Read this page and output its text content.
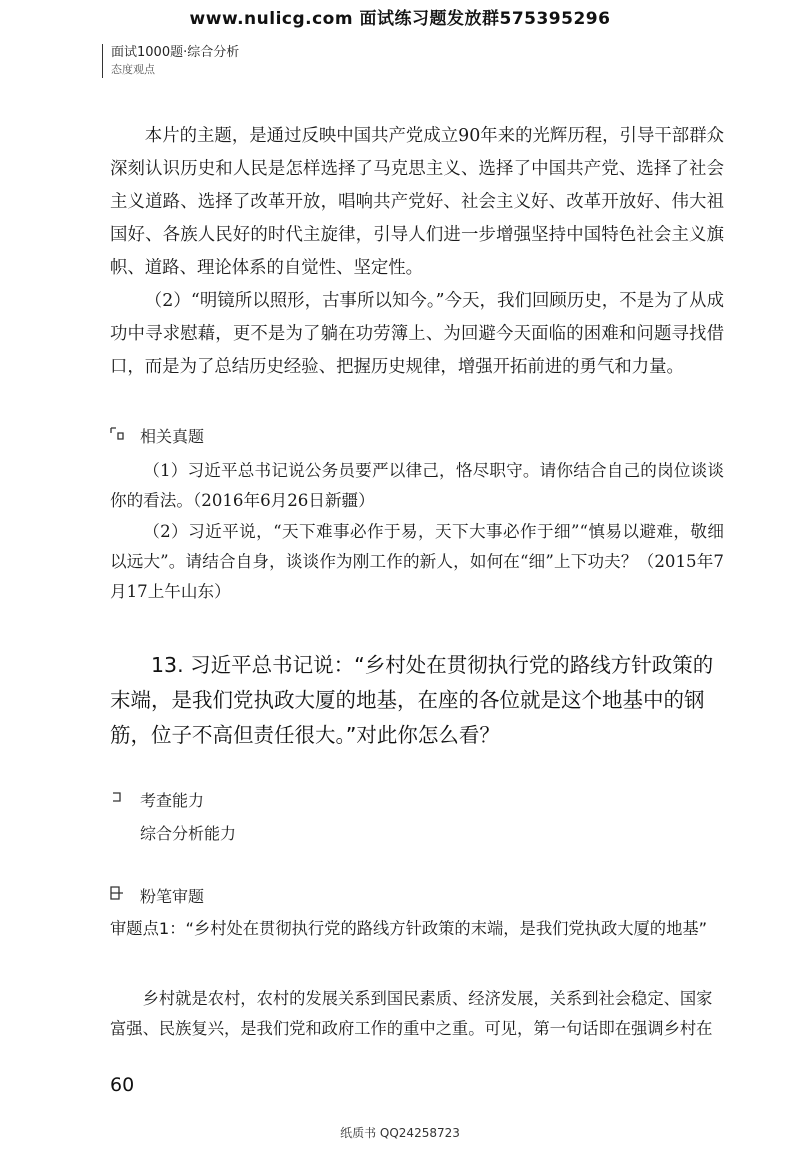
www.nulicg.com 面试练习题发放群575395296
面试1000题·综合分析
态度观点
本片的主题，是通过反映中国共产党成立90年来的光辉历程，引导干部群众深刻认识历史和人民是怎样选择了马克思主义、选择了中国共产党、选择了社会主义道路、选择了改革开放，唱响共产党好、社会主义好、改革开放好、伟大祖国好、各族人民好的时代主旋律，引导人们进一步增强坚持中国特色社会主义旗帜、道路、理论体系的自觉性、坚定性。
（2）“明镜所以照形，古事所以知今。”今天，我们回顾历史，不是为了从成功中寻求慰藉，更不是为了躺在功劳簿上、为回避今天面临的困难和问题寻找借口，而是为了总结历史经验、把握历史规律，增强开拓前进的勇气和力量。
相关真题
（1）习近平总书记说公务员要严以律己，恪尽职守。请你结合自己的岗位谈谈你的看法。（2016年6月26日新疆）
（2）习近平说，“天下难事必作于易，天下大事必作于细”“慎易以避难，敬细以远大”。请结合自身，谈谈作为刚工作的新人，如何在“细”上下功夫？（2015年7月17上午山东）
13. 习近平总书记说：“乡村处在贯彻执行党的路线方针政策的末端，是我们党执政大厦的地基，在座的各位就是这个地基中的钢筋，位子不高但责任很大。”对此你怎么看？
考查能力
综合分析能力
粉笔审题
审题点1：“乡村处在贯彻执行党的路线方针政策的末端，是我们党执政大厦的地基”
乡村就是农村，农村的发展关系到国民素质、经济发展，关系到社会稳定、国家富强、民族复兴，是我们党和政府工作的重中之重。可见，第一句话即在强调乡村在
60
纸质书 QQ24258723
